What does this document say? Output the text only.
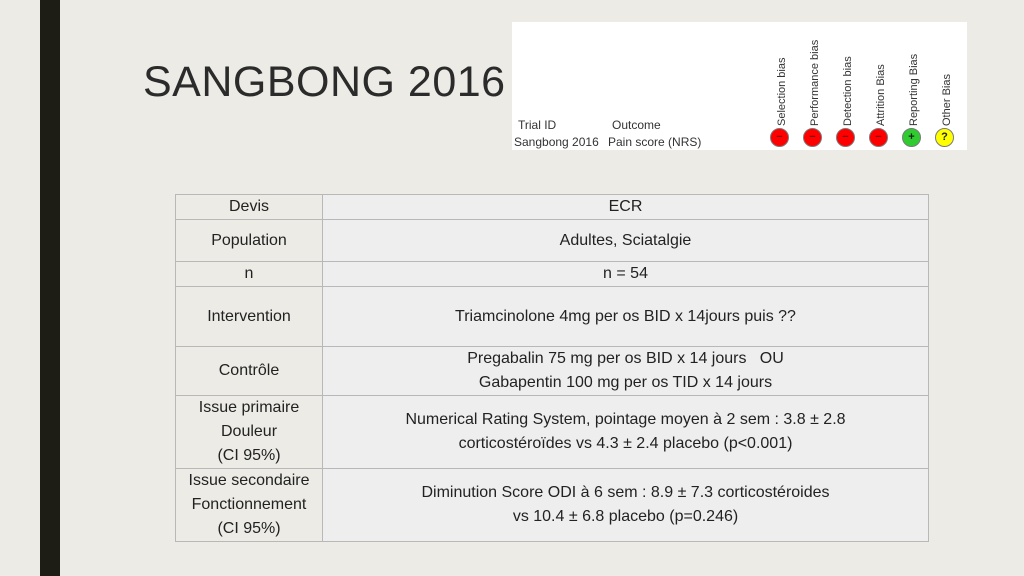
SANGBONG 2016	Selection bias	Performance bias	Detection bias	Attrition Bias	Reporting Bias	Other Bias
Trial ID	Outcome
Sangbong 2016 Pain score (NRS)	−	−	−	−	+	?
Devis	ECR
Population	Adultes, Sciatalgie
n	n = 54
Intervention	Triamcinolone 4mg per os BID x 14jours puis ??
Contrôle	Pregabalin 75 mg per os BID x 14 jours   OU
Gabapentin 100 mg per os TID x 14 jours

Issue primaire
Douleur
(CI 95%)	Numerical Rating System, pointage moyen à 2 sem : 3.8 ± 2.8
corticostéroïdes vs 4.3 ± 2.4 placebo (p<0.001)

Issue secondaire
Fonctionnement
(CI 95%)	Diminution Score ODI à 6 sem : 8.9 ± 7.3 corticostéroides
vs 10.4 ± 6.8 placebo (p=0.246)
